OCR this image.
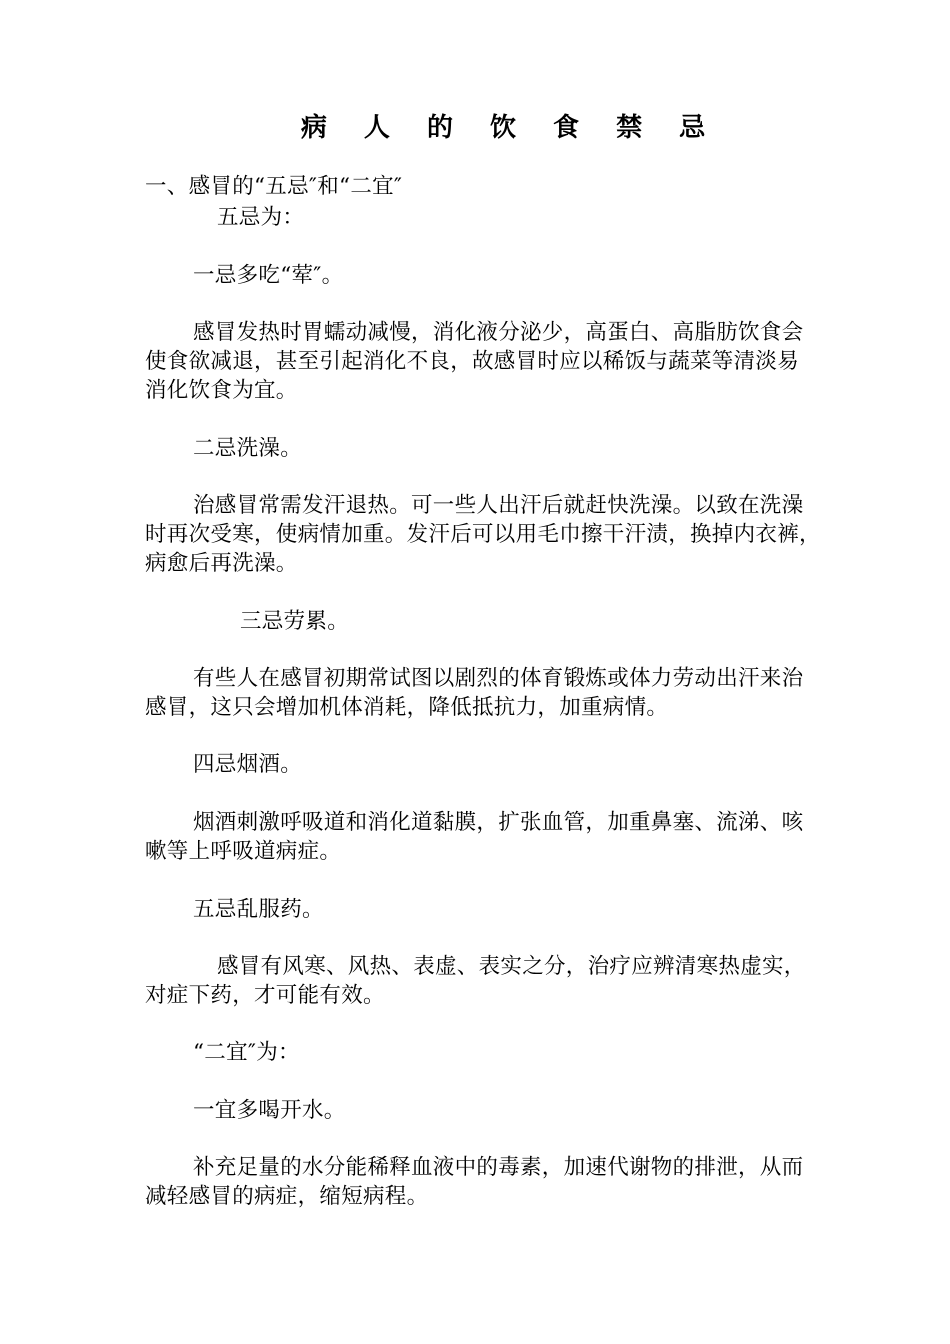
病 人 的 饮 食 禁 忌
一、感冒的“五忌″和“二宜″
五忌为：
一忌多吃“荤″。
感冒发热时胃蠕动减慢，消化液分泌少，高蛋白、高脂肪饮食会
使食欲减退，甚至引起消化不良，故感冒时应以稀饭与蔬菜等清淡易
消化饮食为宜。
二忌洗澡。
治感冒常需发汗退热。可一些人出汗后就赶快洗澡。以致在洗澡
时再次受寒，使病情加重。发汗后可以用毛巾擦干汗渍，换掉内衣裤，
病愈后再洗澡。
三忌劳累。
有些人在感冒初期常试图以剧烈的体育锻炼或体力劳动出汗来治
感冒，这只会增加机体消耗，降低抵抗力，加重病情。
四忌烟酒。
烟酒刺激呼吸道和消化道黏膜，扩张血管，加重鼻塞、流涕、咳
嗽等上呼吸道病症。
五忌乱服药。
感冒有风寒、风热、表虚、表实之分，治疗应辨清寒热虚实，
对症下药，才可能有效。
“二宜″为：
一宜多喝开水。
补充足量的水分能稀释血液中的毒素，加速代谢物的排泄，从而
减轻感冒的病症，缩短病程。
